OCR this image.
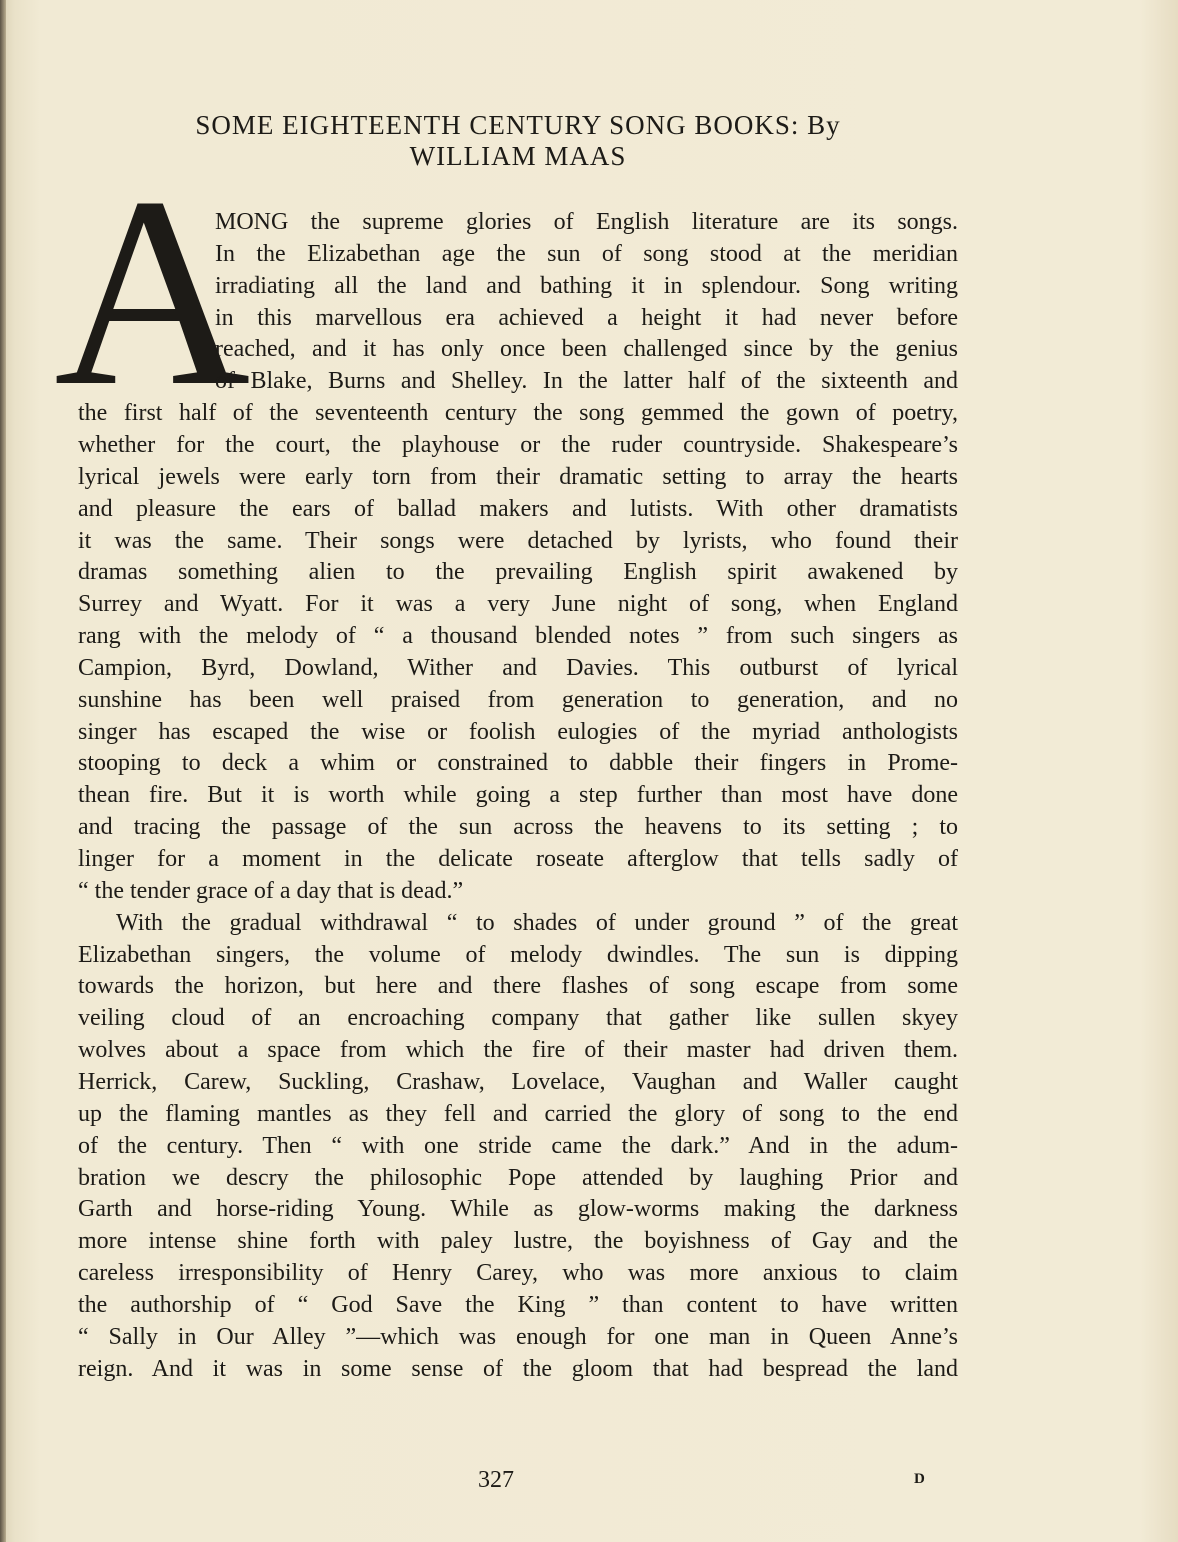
SOME EIGHTEENTH CENTURY SONG BOOKS: By
WILLIAM MAAS
A
MONG the supreme glories of English literature are its songs.
In the Elizabethan age the sun of song stood at the meridian
irradiating all the land and bathing it in splendour. Song writing
in this marvellous era achieved a height it had never before
reached, and it has only once been challenged since by the genius
of Blake, Burns and Shelley. In the latter half of the sixteenth and
the first half of the seventeenth century the song gemmed the gown of poetry,
whether for the court, the playhouse or the ruder countryside. Shakespeare’s
lyrical jewels were early torn from their dramatic setting to array the hearts
and pleasure the ears of ballad makers and lutists. With other dramatists
it was the same. Their songs were detached by lyrists, who found their
dramas something alien to the prevailing English spirit awakened by
Surrey and Wyatt. For it was a very June night of song, when England
rang with the melody of “ a thousand blended notes ” from such singers as
Campion, Byrd, Dowland, Wither and Davies. This outburst of lyrical
sunshine has been well praised from generation to generation, and no
singer has escaped the wise or foolish eulogies of the myriad anthologists
stooping to deck a whim or constrained to dabble their fingers in Prome-
thean fire. But it is worth while going a step further than most have done
and tracing the passage of the sun across the heavens to its setting ; to
linger for a moment in the delicate roseate afterglow that tells sadly of
“ the tender grace of a day that is dead.”
With the gradual withdrawal “ to shades of under ground ” of the great
Elizabethan singers, the volume of melody dwindles. The sun is dipping
towards the horizon, but here and there flashes of song escape from some
veiling cloud of an encroaching company that gather like sullen skyey
wolves about a space from which the fire of their master had driven them.
Herrick, Carew, Suckling, Crashaw, Lovelace, Vaughan and Waller caught
up the flaming mantles as they fell and carried the glory of song to the end
of the century. Then “ with one stride came the dark.” And in the adum-
bration we descry the philosophic Pope attended by laughing Prior and
Garth and horse-riding Young. While as glow-worms making the darkness
more intense shine forth with paley lustre, the boyishness of Gay and the
careless irresponsibility of Henry Carey, who was more anxious to claim
the authorship of “ God Save the King ” than content to have written
“ Sally in Our Alley ”—which was enough for one man in Queen Anne’s
reign. And it was in some sense of the gloom that had bespread the land
327	D
